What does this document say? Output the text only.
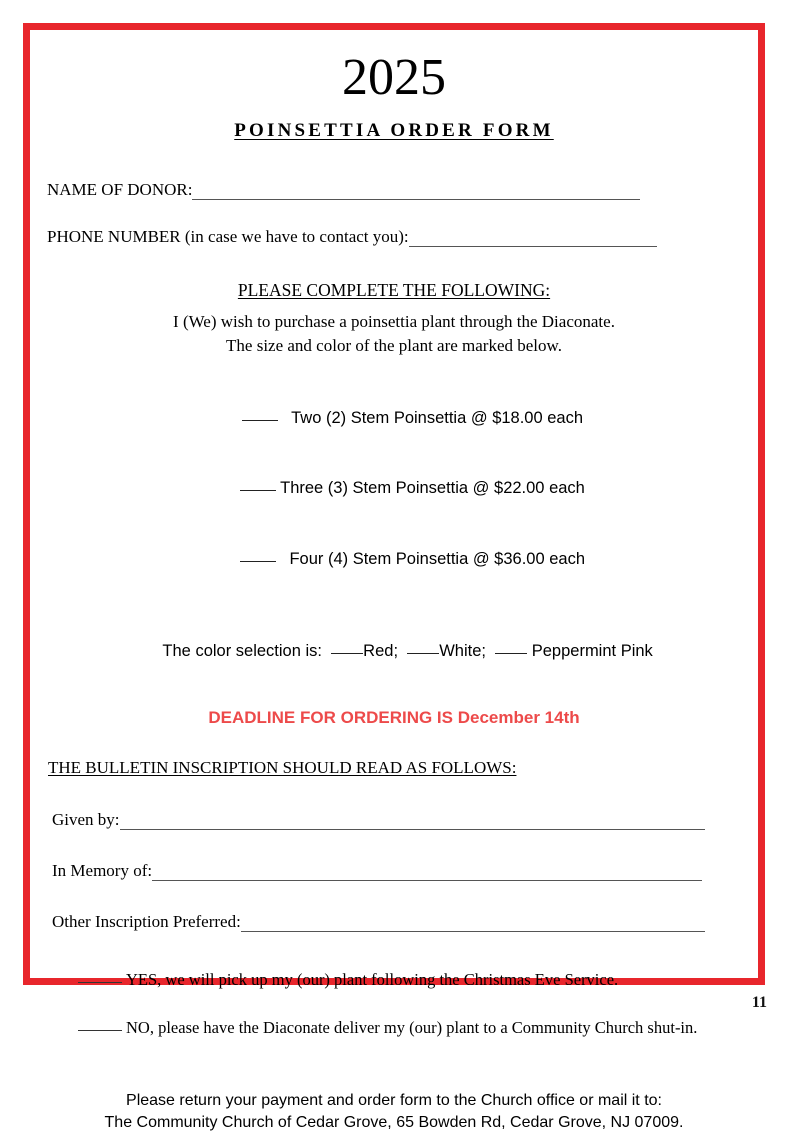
2025
POINSETTIA ORDER FORM
NAME OF DONOR:
PHONE NUMBER (in case we have to contact you):
PLEASE COMPLETE THE FOLLOWING:
I (We) wish to purchase a poinsettia plant through the Diaconate.
The size and color of the plant are marked below.

Two (2) Stem Poinsettia @ $18.00 each

Three (3) Stem Poinsettia @ $22.00 each

Four (4) Stem Poinsettia @ $36.00 each

The color selection is: Red; White;	Peppermint Pink

DEADLINE FOR ORDERING IS December 14th
THE BULLETIN INSCRIPTION SHOULD READ AS FOLLOWS:
Given by:
In Memory of:
Other Inscription Preferred:
YES, we will pick up my (our) plant following the Christmas Eve Service.
NO, please have the Diaconate deliver my (our) plant to a Community Church shut-in.
Please return your payment and order form to the Church office or mail it to:
The Community Church of Cedar Grove, 65 Bowden Rd, Cedar Grove, NJ 07009.
11
